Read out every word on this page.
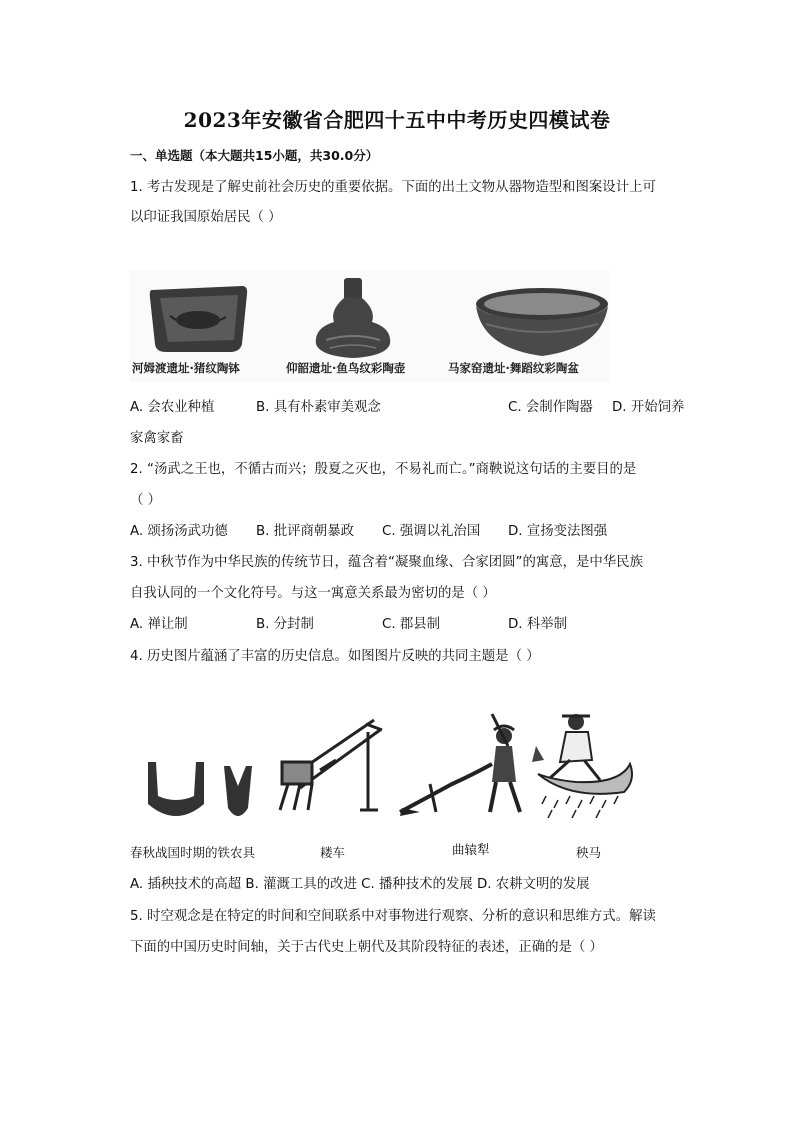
2023年安徽省合肥四十五中中考历史四模试卷
一、单选题（本大题共15小题，共30.0分）
1. 考古发现是了解史前社会历史的重要依据。下面的出土文物从器物造型和图案设计上可
以印证我国原始居民（ ）
河姆渡遗址·猪纹陶钵	仰韶遗址·鱼鸟纹彩陶壶	马家窑遗址·舞蹈纹彩陶盆
A. 会农业种植	B. 具有朴素审美观念	C. 会制作陶器 D. 开始饲养
家禽家畜
2. “汤武之王也，不循古而兴；殷夏之灭也，不易礼而亡。”商鞅说这句话的主要目的是
（ ）
A. 颂扬汤武功德 B. 批评商朝暴政 C. 强调以礼治国 D. 宣扬变法图强
3. 中秋节作为中华民族的传统节日，蕴含着“凝聚血缘、合家团圆”的寓意，是中华民族
自我认同的一个文化符号。与这一寓意关系最为密切的是（ ）
A. 禅让制	B. 分封制	C. 郡县制	D. 科举制
4. 历史图片蕴涵了丰富的历史信息。如图图片反映的共同主题是（ ）
春秋战国时期的铁农具	耧车	曲辕犁	秧马
A. 插秧技术的高超 B. 灌溉工具的改进 C. 播种技术的发展 D. 农耕文明的发展
5. 时空观念是在特定的时间和空间联系中对事物进行观察、分析的意识和思维方式。解读
下面的中国历史时间轴，关于古代史上朝代及其阶段特征的表述，正确的是（ ）
